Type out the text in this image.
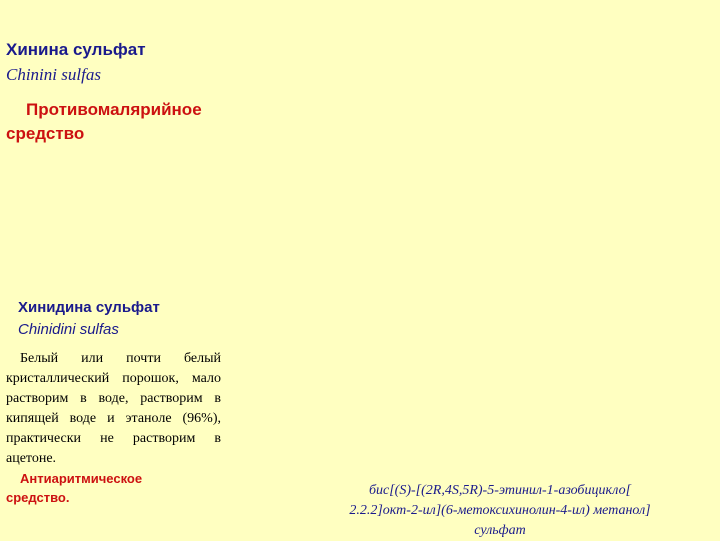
Хинина сульфат
Chinini sulfas
Противомалярийное средство
Хинидина сульфат
Chinidini sulfas
Белый или почти белый кристаллический порошок, мало растворим в воде, растворим в кипящей воде и этаноле (96%), практически не растворим в ацетоне.
Антиаритмическое средство.	бис[(S)-[(2R,4S,5R)-5-этинил-1-азобицикло[ 2.2.2]окт-2-ил](6-метоксихинолин-4-ил) метанол] сульфат
